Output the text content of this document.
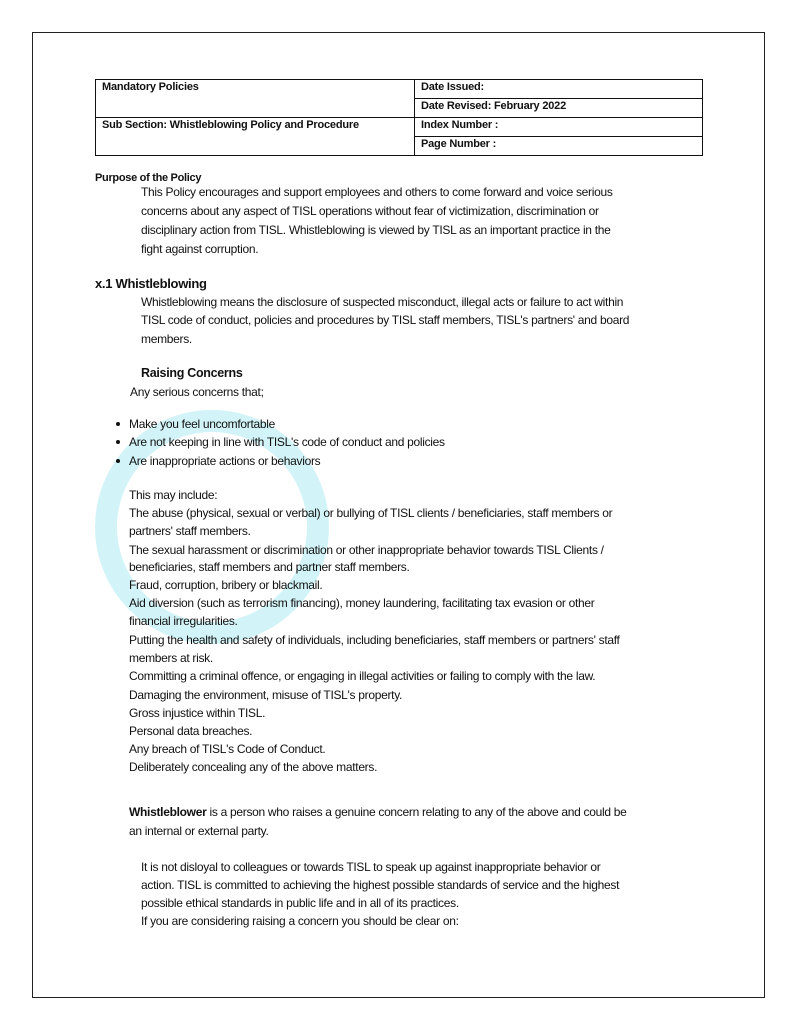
Mandatory Policies	Date Issued:
	Date Revised: February 2022
Sub Section: Whistleblowing Policy and Procedure	Index Number :
	Page Number :
Purpose of the Policy
This Policy encourages and support employees and others to come forward and voice serious
concerns about any aspect of TISL operations without fear of victimization, discrimination or
disciplinary action from TISL. Whistleblowing is viewed by TISL as an important practice in the
fight against corruption.
x.1 Whistleblowing
Whistleblowing means the disclosure of suspected misconduct, illegal acts or failure to act within
TISL code of conduct, policies and procedures by TISL staff members, TISL's partners' and board
members.
Raising Concerns
Any serious concerns that;
Make you feel uncomfortable
Are not keeping in line with TISL's code of conduct and policies
Are inappropriate actions or behaviors
This may include:
The abuse (physical, sexual or verbal) or bullying of TISL clients / beneficiaries, staff members or
partners' staff members.
The sexual harassment or discrimination or other inappropriate behavior towards TISL Clients /
beneficiaries, staff members and partner staff members.
Fraud, corruption, bribery or blackmail.
Aid diversion (such as terrorism financing), money laundering, facilitating tax evasion or other
financial irregularities.
Putting the health and safety of individuals, including beneficiaries, staff members or partners' staff
members at risk.
Committing a criminal offence, or engaging in illegal activities or failing to comply with the law.
Damaging the environment, misuse of TISL's property.
Gross injustice within TISL.
Personal data breaches.
Any breach of TISL's Code of Conduct.
Deliberately concealing any of the above matters.
Whistleblower is a person who raises a genuine concern relating to any of the above and could be
an internal or external party.
It is not disloyal to colleagues or towards TISL to speak up against inappropriate behavior or
action. TISL is committed to achieving the highest possible standards of service and the highest
possible ethical standards in public life and in all of its practices.
If you are considering raising a concern you should be clear on:
